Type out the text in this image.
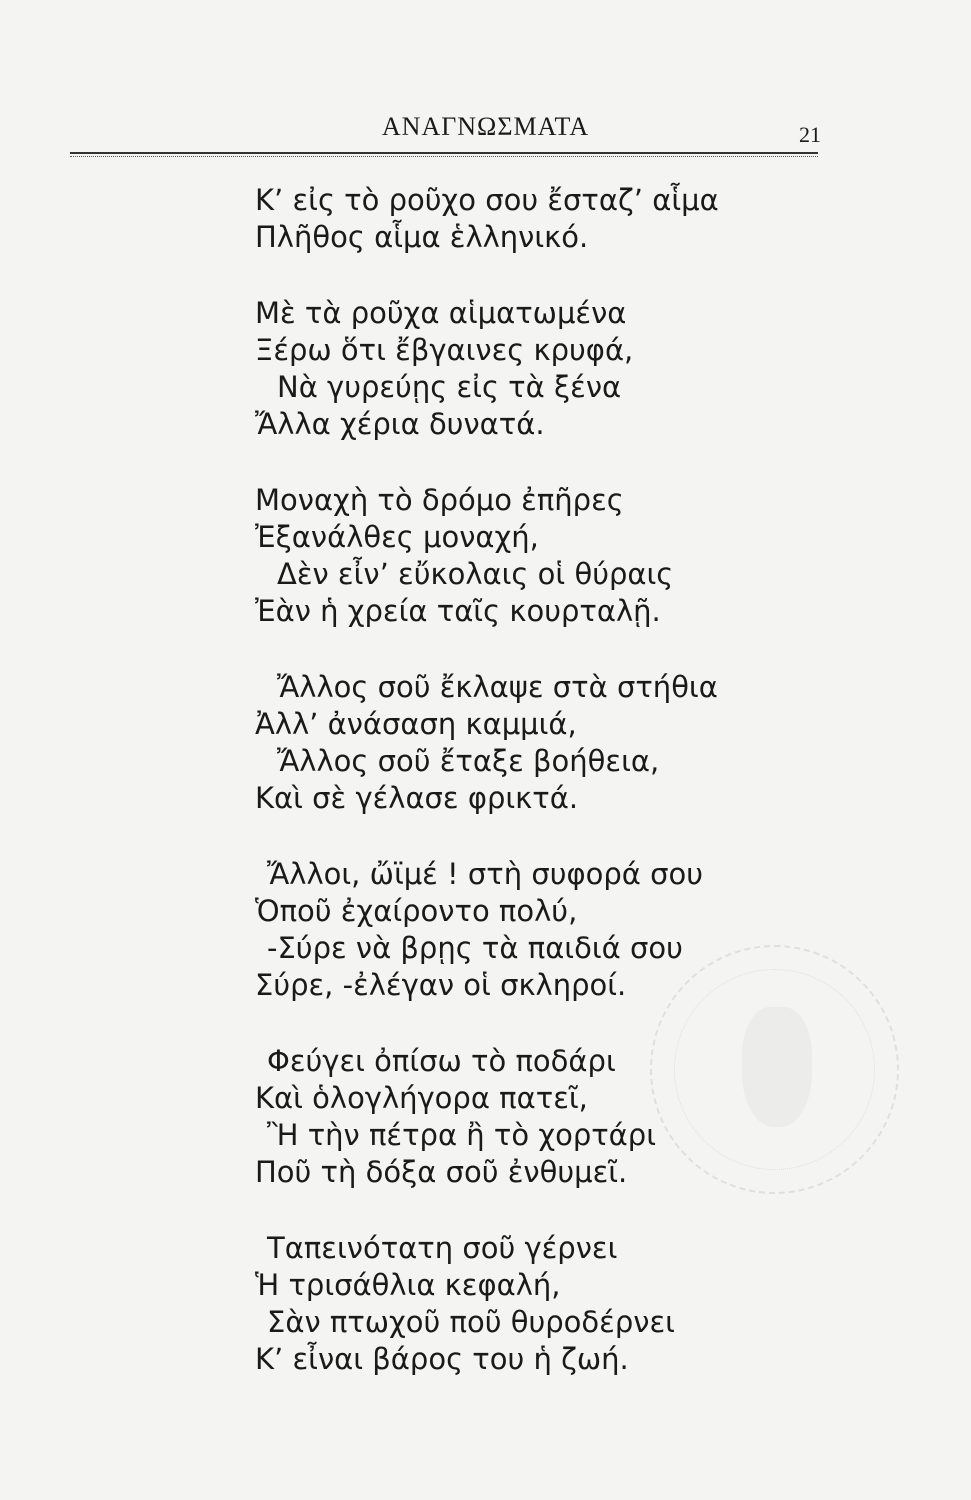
ΑΝΑΓΝΩΣΜΑΤΑ	21
Κ’ εἰς τὸ ροῦχο σου ἔσταζ’ αἷμα
Πλῆθος αἷμα ἑλληνικό.
Μὲ τὰ ροῦχα αἱματωμένα
Ξέρω ὅτι ἔβγαινες κρυφά,
Νὰ γυρεύῃς εἰς τὰ ξένα
Ἄλλα χέρια δυνατά.
Μοναχὴ τὸ δρόμο ἐπῆρες
Ἐξανάλθες μοναχή,
Δὲν εἶν’ εὔκολαις οἱ θύραις
Ἐὰν ἡ χρεία ταῖς κουρταλῇ.
Ἄλλος σοῦ ἔκλαψε στὰ στήθια
Ἀλλ’ ἀνάσαση καμμιά,
Ἄλλος σοῦ ἔταξε βοήθεια,
Καὶ σὲ γέλασε φρικτά.
Ἄλλοι, ὤϊμέ ! στὴ συφορά σου
Ὁποῦ ἐχαίροντο πολύ,
-Σύρε νὰ βρῃς τὰ παιδιά σου
Σύρε, -ἐλέγαν οἱ σκληροί.
Φεύγει ὀπίσω τὸ ποδάρι
Καὶ ὁλογλήγορα πατεῖ,
Ἢ τὴν πέτρα ἢ τὸ χορτάρι
Ποῦ τὴ δόξα σοῦ ἐνθυμεῖ.
Ταπεινότατη σοῦ γέρνει
Ἡ τρισάθλια κεφαλή,
Σὰν πτωχοῦ ποῦ θυροδέρνει
Κ’ εἶναι βάρος του ἡ ζωή.
